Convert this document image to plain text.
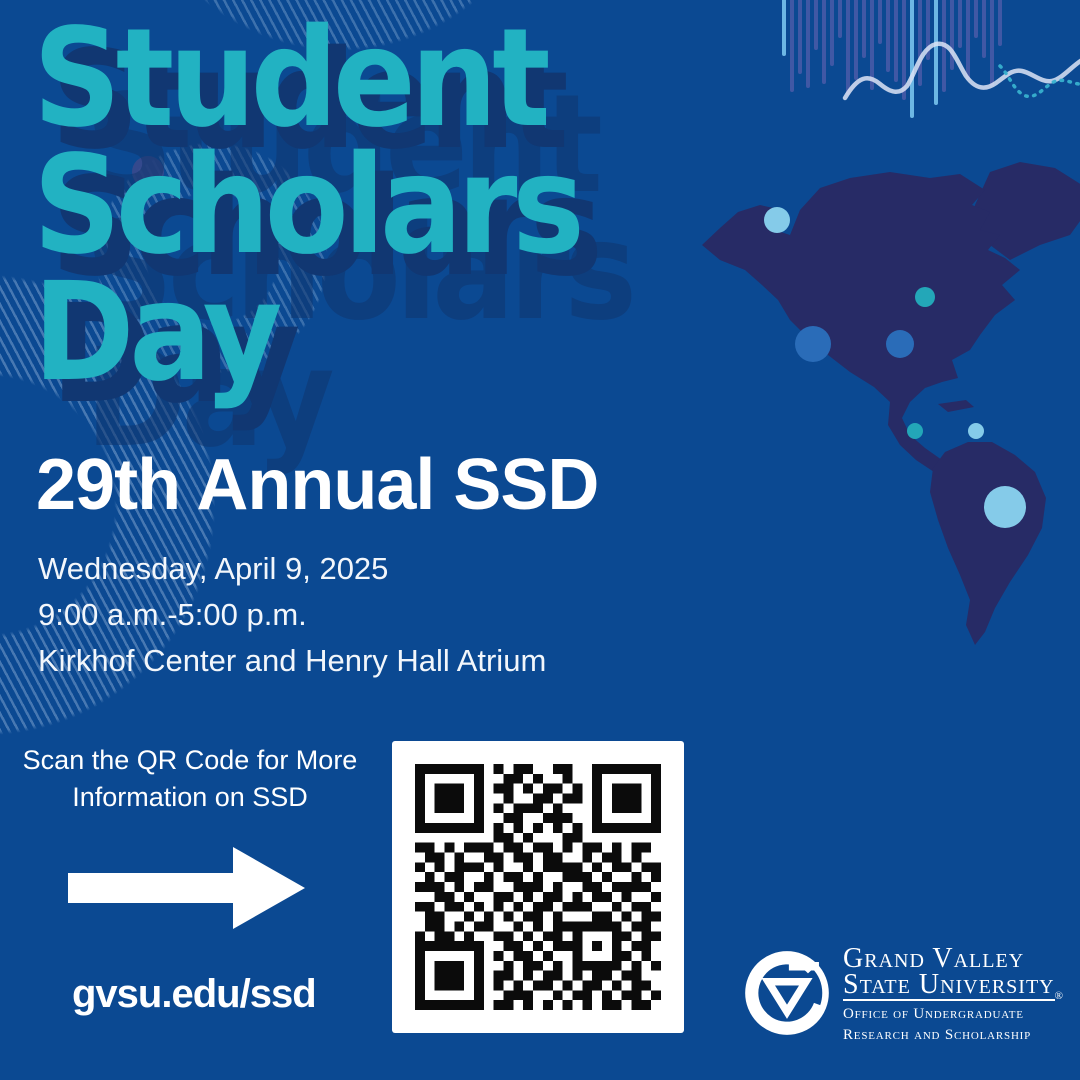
Student
Scholars
Day
29th Annual SSD
Wednesday, April 9, 2025
9:00 a.m.-5:00 p.m.
Kirkhof Center and Henry Hall Atrium
Scan the QR Code for More
Information on SSD
gvsu.edu/ssd
Grand Valley
State University$_®$
Office of Undergraduate
Research and Scholarship
